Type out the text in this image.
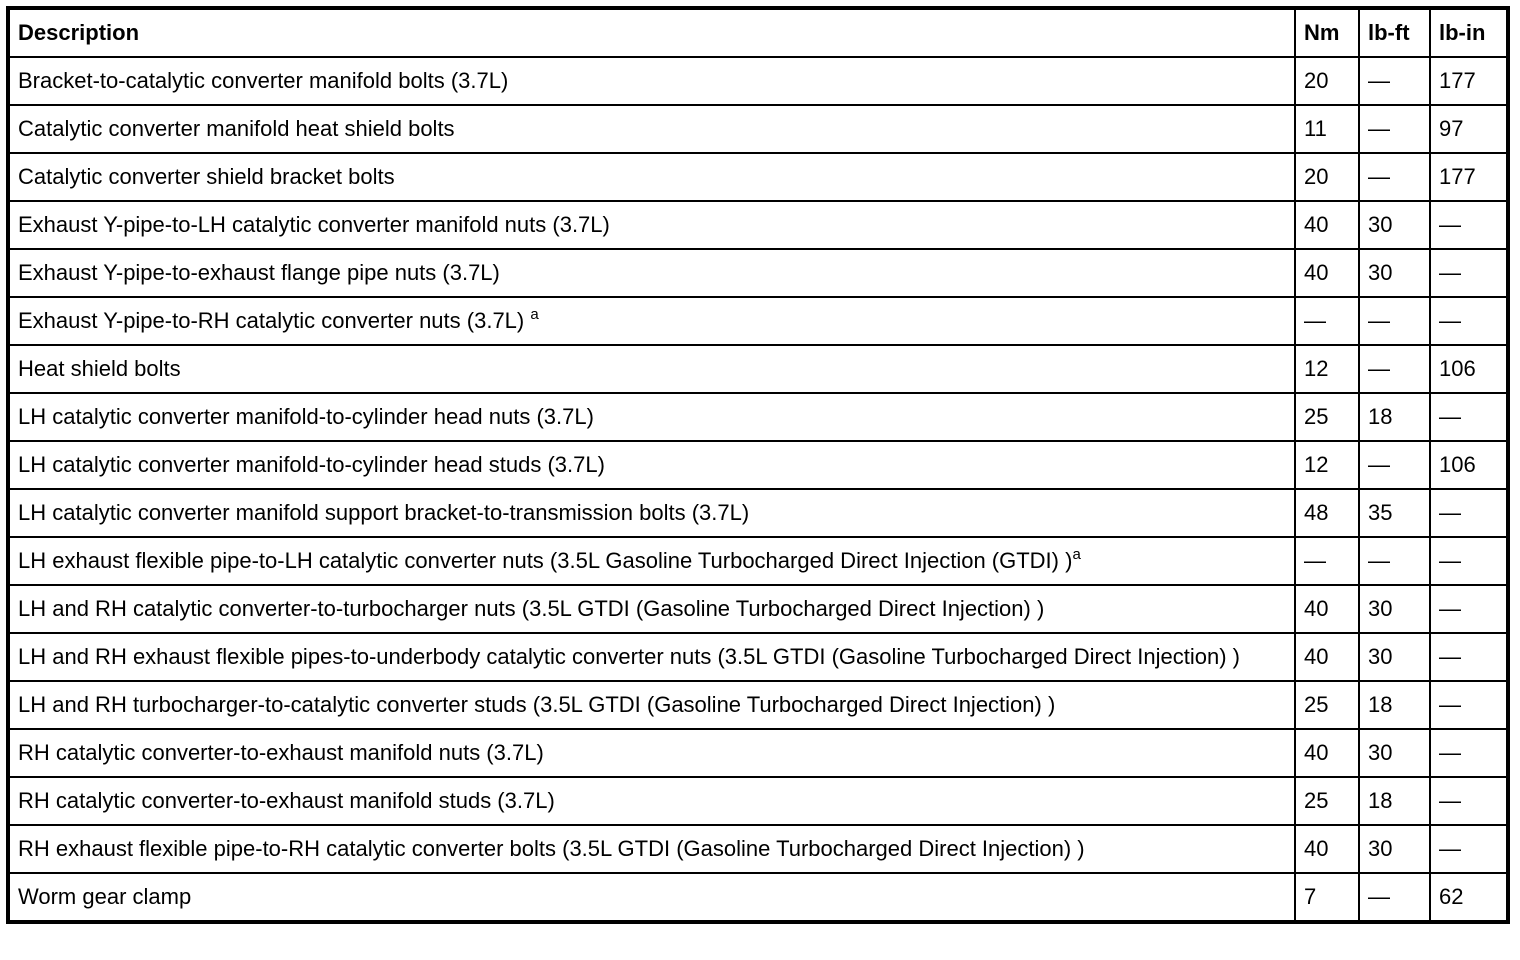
Description	Nm	lb-ft	lb-in
Bracket-to-catalytic converter manifold bolts (3.7L)	20	—	177
Catalytic converter manifold heat shield bolts	11	—	97
Catalytic converter shield bracket bolts	20	—	177
Exhaust Y-pipe-to-LH catalytic converter manifold nuts (3.7L)	40	30	—
Exhaust Y-pipe-to-exhaust flange pipe nuts (3.7L)	40	30	—
Exhaust Y-pipe-to-RH catalytic converter nuts (3.7L) $^a$	—	—	—
Heat shield bolts	12	—	106
LH catalytic converter manifold-to-cylinder head nuts (3.7L)	25	18	—
LH catalytic converter manifold-to-cylinder head studs (3.7L)	12	—	106
LH catalytic converter manifold support bracket-to-transmission bolts (3.7L)	48	35	—
LH exhaust flexible pipe-to-LH catalytic converter nuts (3.5L Gasoline Turbocharged Direct Injection (GTDI) )$^a$	—	—	—
LH and RH catalytic converter-to-turbocharger nuts (3.5L GTDI (Gasoline Turbocharged Direct Injection) )	40	30	—
LH and RH exhaust flexible pipes-to-underbody catalytic converter nuts (3.5L GTDI (Gasoline Turbocharged Direct Injection) )	40	30	—
LH and RH turbocharger-to-catalytic converter studs (3.5L GTDI (Gasoline Turbocharged Direct Injection) )	25	18	—
RH catalytic converter-to-exhaust manifold nuts (3.7L)	40	30	—
RH catalytic converter-to-exhaust manifold studs (3.7L)	25	18	—
RH exhaust flexible pipe-to-RH catalytic converter bolts (3.5L GTDI (Gasoline Turbocharged Direct Injection) )	40	30	—
Worm gear clamp	7	—	62
